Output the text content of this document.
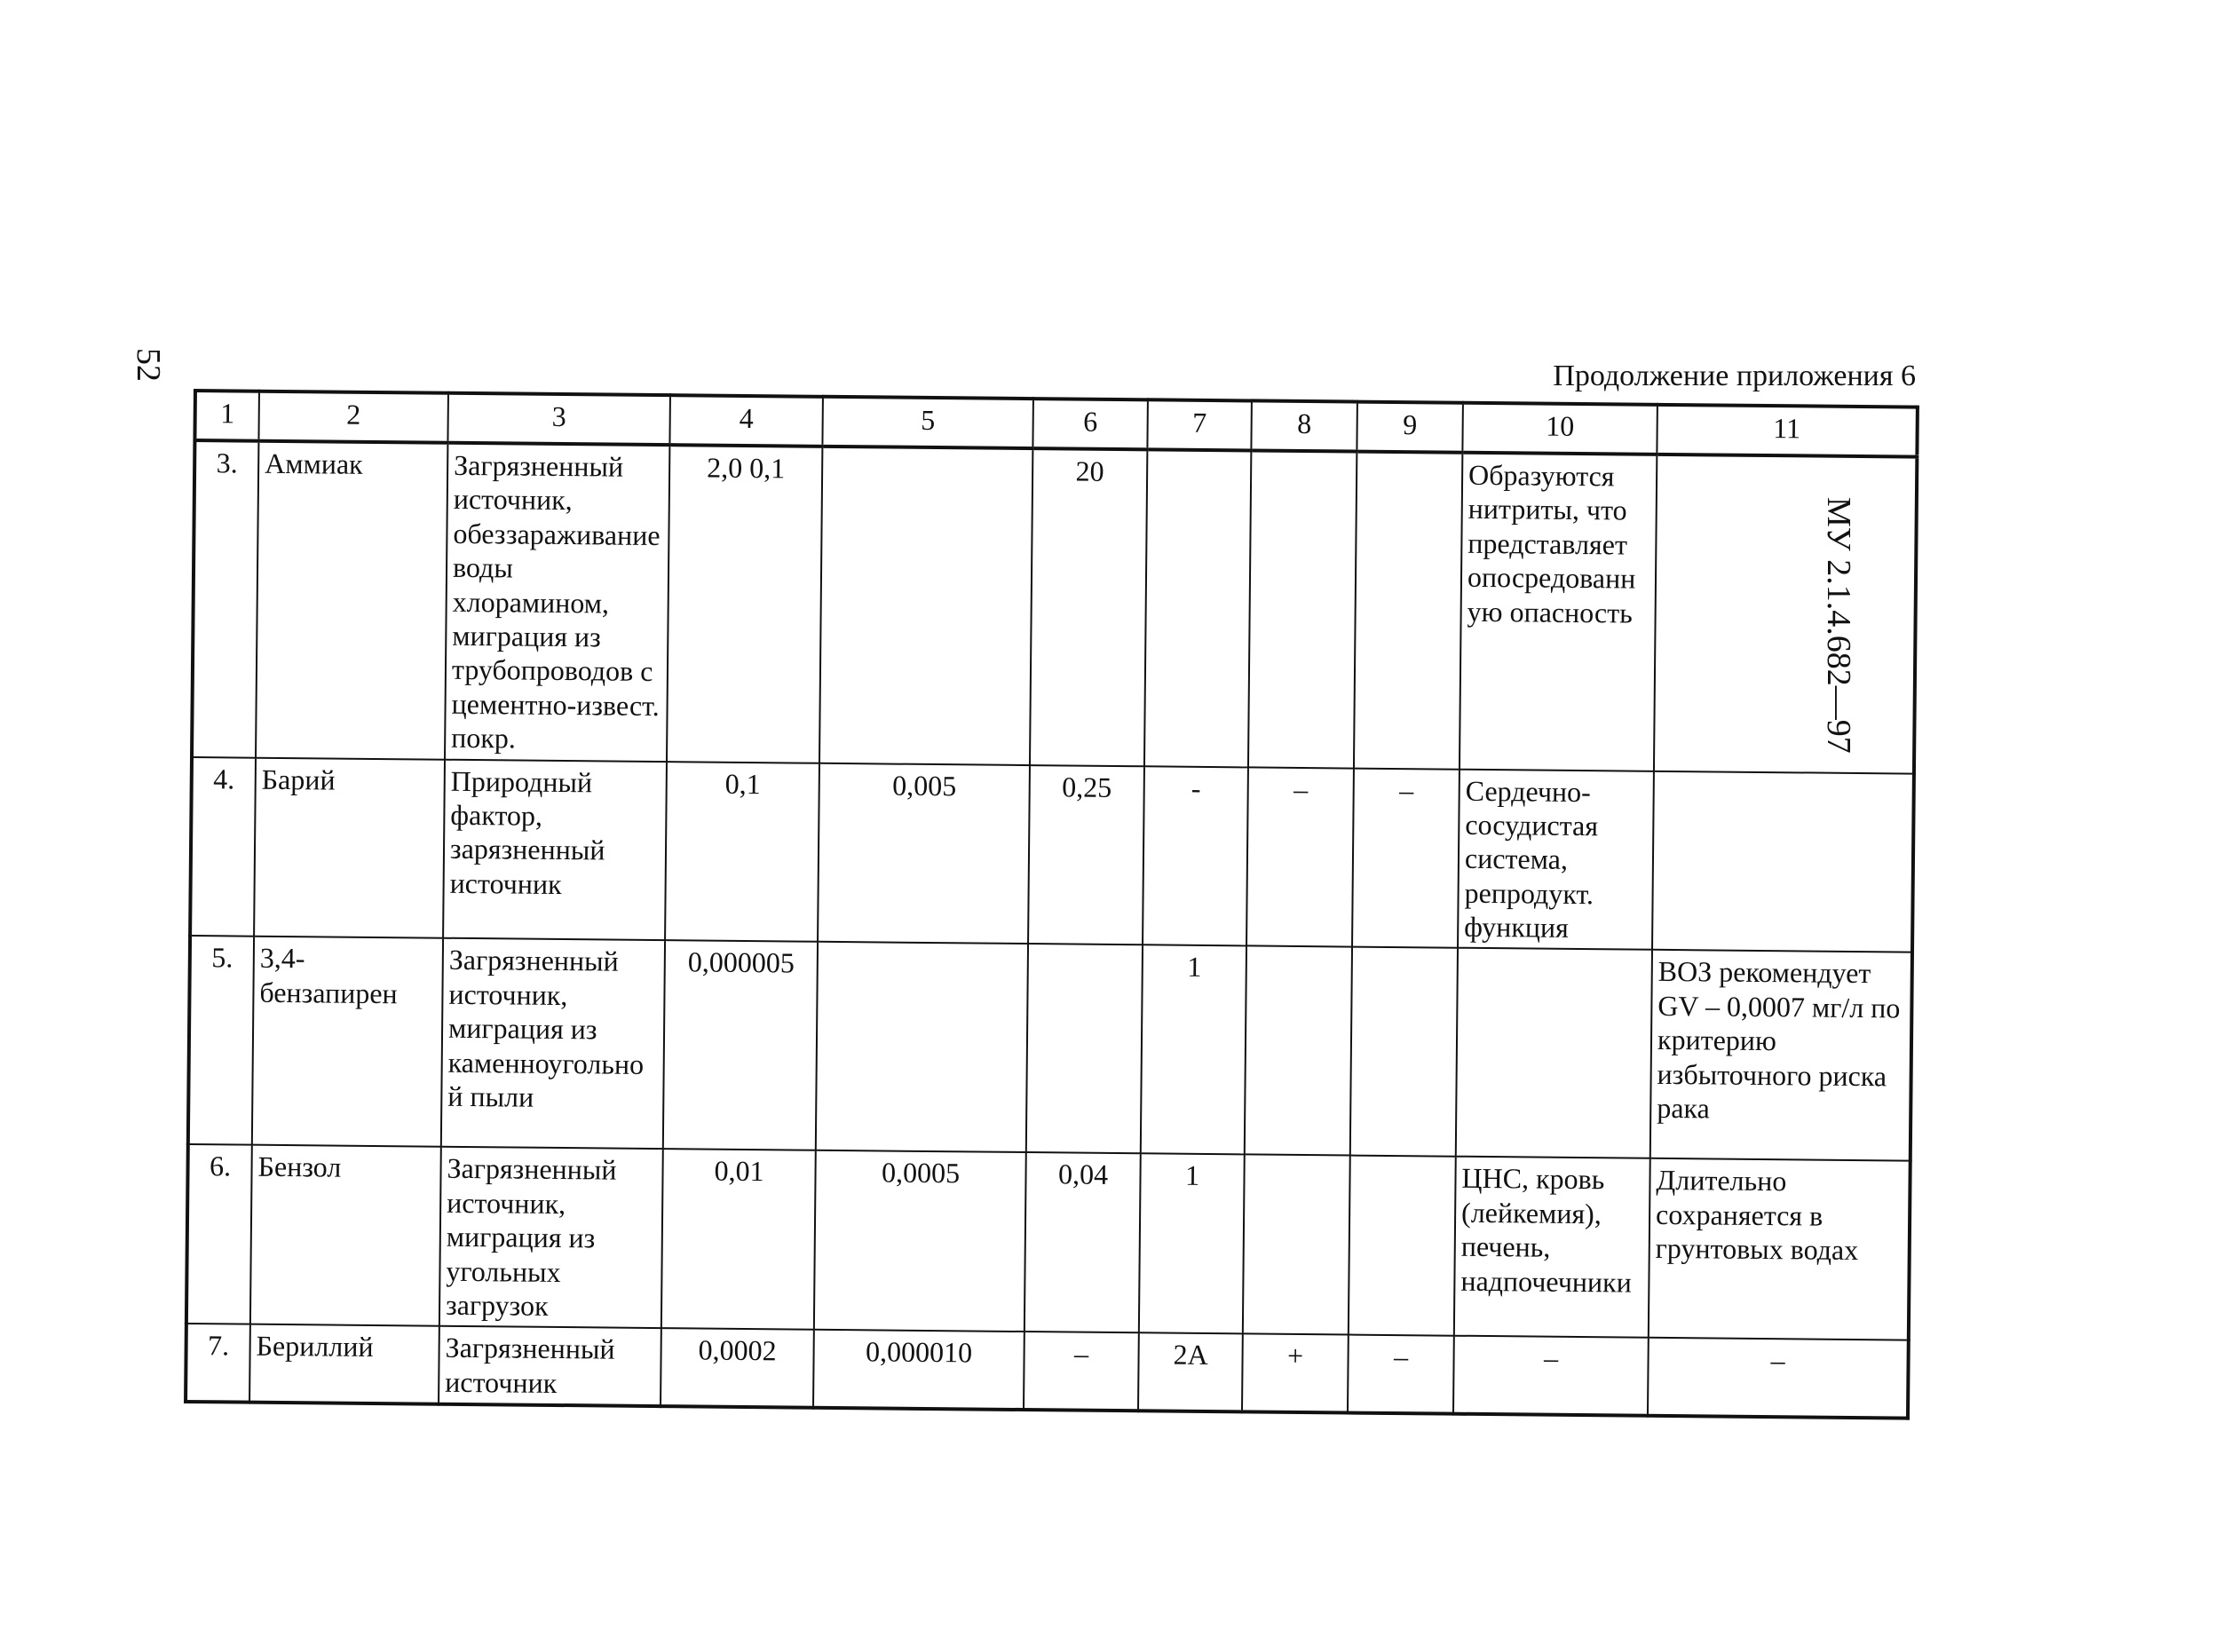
52
МУ 2.1.4.682—97
Продолжение приложения 6
1	2	3	4	5	6	7	8	9	10	11
3.	Аммиак	Загрязненный источник, обеззараживание воды хлорамином, миграция из трубопроводов с цементно-извест. покр.	2,0 0,1		20				Образуются нитриты, что представляет опосредованную опасность	
4.	Барий	Природный фактор, зарязненный источник	0,1	0,005	0,25	-	–	–	Сердечно-сосудистая система, репродукт. функция	
5.	3,4-бензапирен	Загрязненный источник, миграция из каменноугольной пыли	0,000005			1				ВОЗ рекомендует GV – 0,0007 мг/л по критерию избыточного риска рака
6.	Бензол	Загрязненный источник, миграция из угольных загрузок	0,01	0,0005	0,04	1			ЦНС, кровь (лейкемия), печень, надпочечники	Длительно сохраняется в грунтовых водах
7.	Бериллий	Загрязненный источник	0,0002	0,000010	–	2А	+	–	–	–
